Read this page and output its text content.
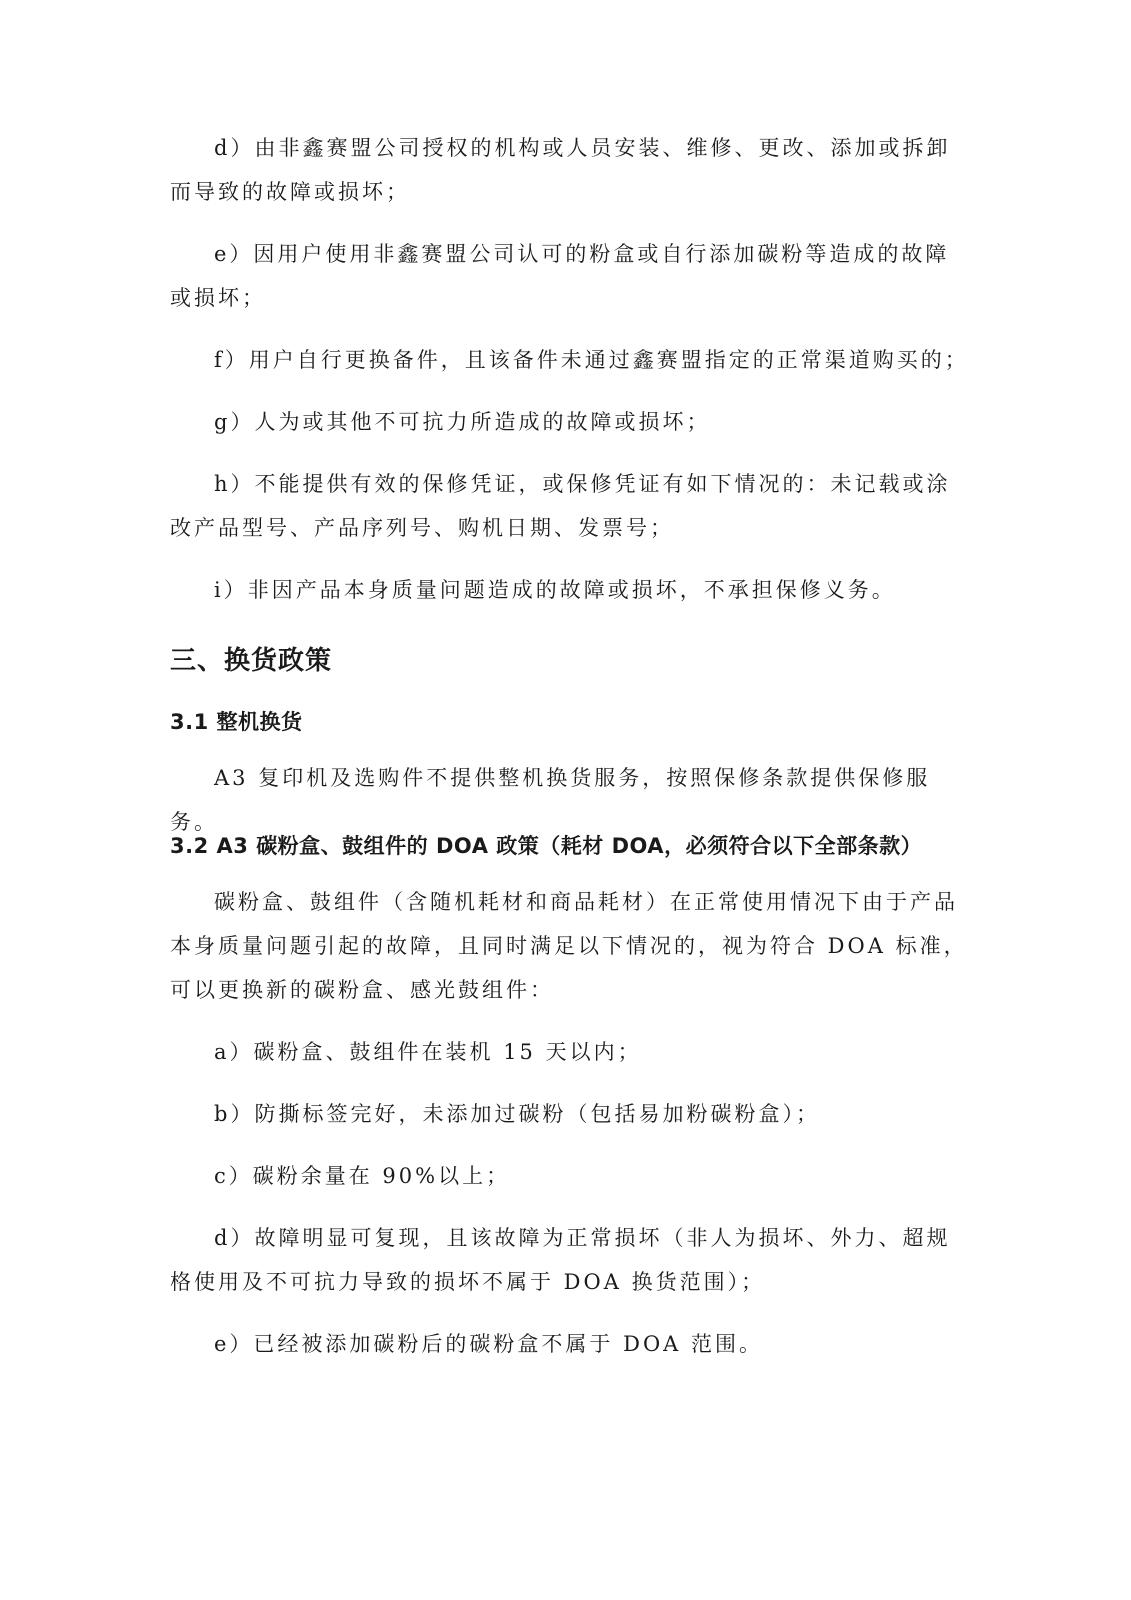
d）由非鑫赛盟公司授权的机构或人员安装、维修、更改、添加或拆卸而导致的故障或损坏；

e）因用户使用非鑫赛盟公司认可的粉盒或自行添加碳粉等造成的故障或损坏；

f）用户自行更换备件，且该备件未通过鑫赛盟指定的正常渠道购买的；

g）人为或其他不可抗力所造成的故障或损坏；

h）不能提供有效的保修凭证，或保修凭证有如下情况的：未记载或涂改产品型号、产品序列号、购机日期、发票号；

i）非因产品本身质量问题造成的故障或损坏，不承担保修义务。

三、换货政策
3.1 整机换货

A3 复印机及选购件不提供整机换货服务，按照保修条款提供保修服务。

3.2 A3 碳粉盒、鼓组件的 DOA 政策（耗材 DOA，必须符合以下全部条款）

碳粉盒、鼓组件（含随机耗材和商品耗材）在正常使用情况下由于产品本身质量问题引起的故障，且同时满足以下情况的，视为符合 DOA 标准，可以更换新的碳粉盒、感光鼓组件：

a）碳粉盒、鼓组件在装机 15 天以内；

b）防撕标签完好，未添加过碳粉（包括易加粉碳粉盒）；

c）碳粉余量在 90%以上；

d）故障明显可复现，且该故障为正常损坏（非人为损坏、外力、超规格使用及不可抗力导致的损坏不属于 DOA 换货范围）；

e）已经被添加碳粉后的碳粉盒不属于 DOA 范围。
